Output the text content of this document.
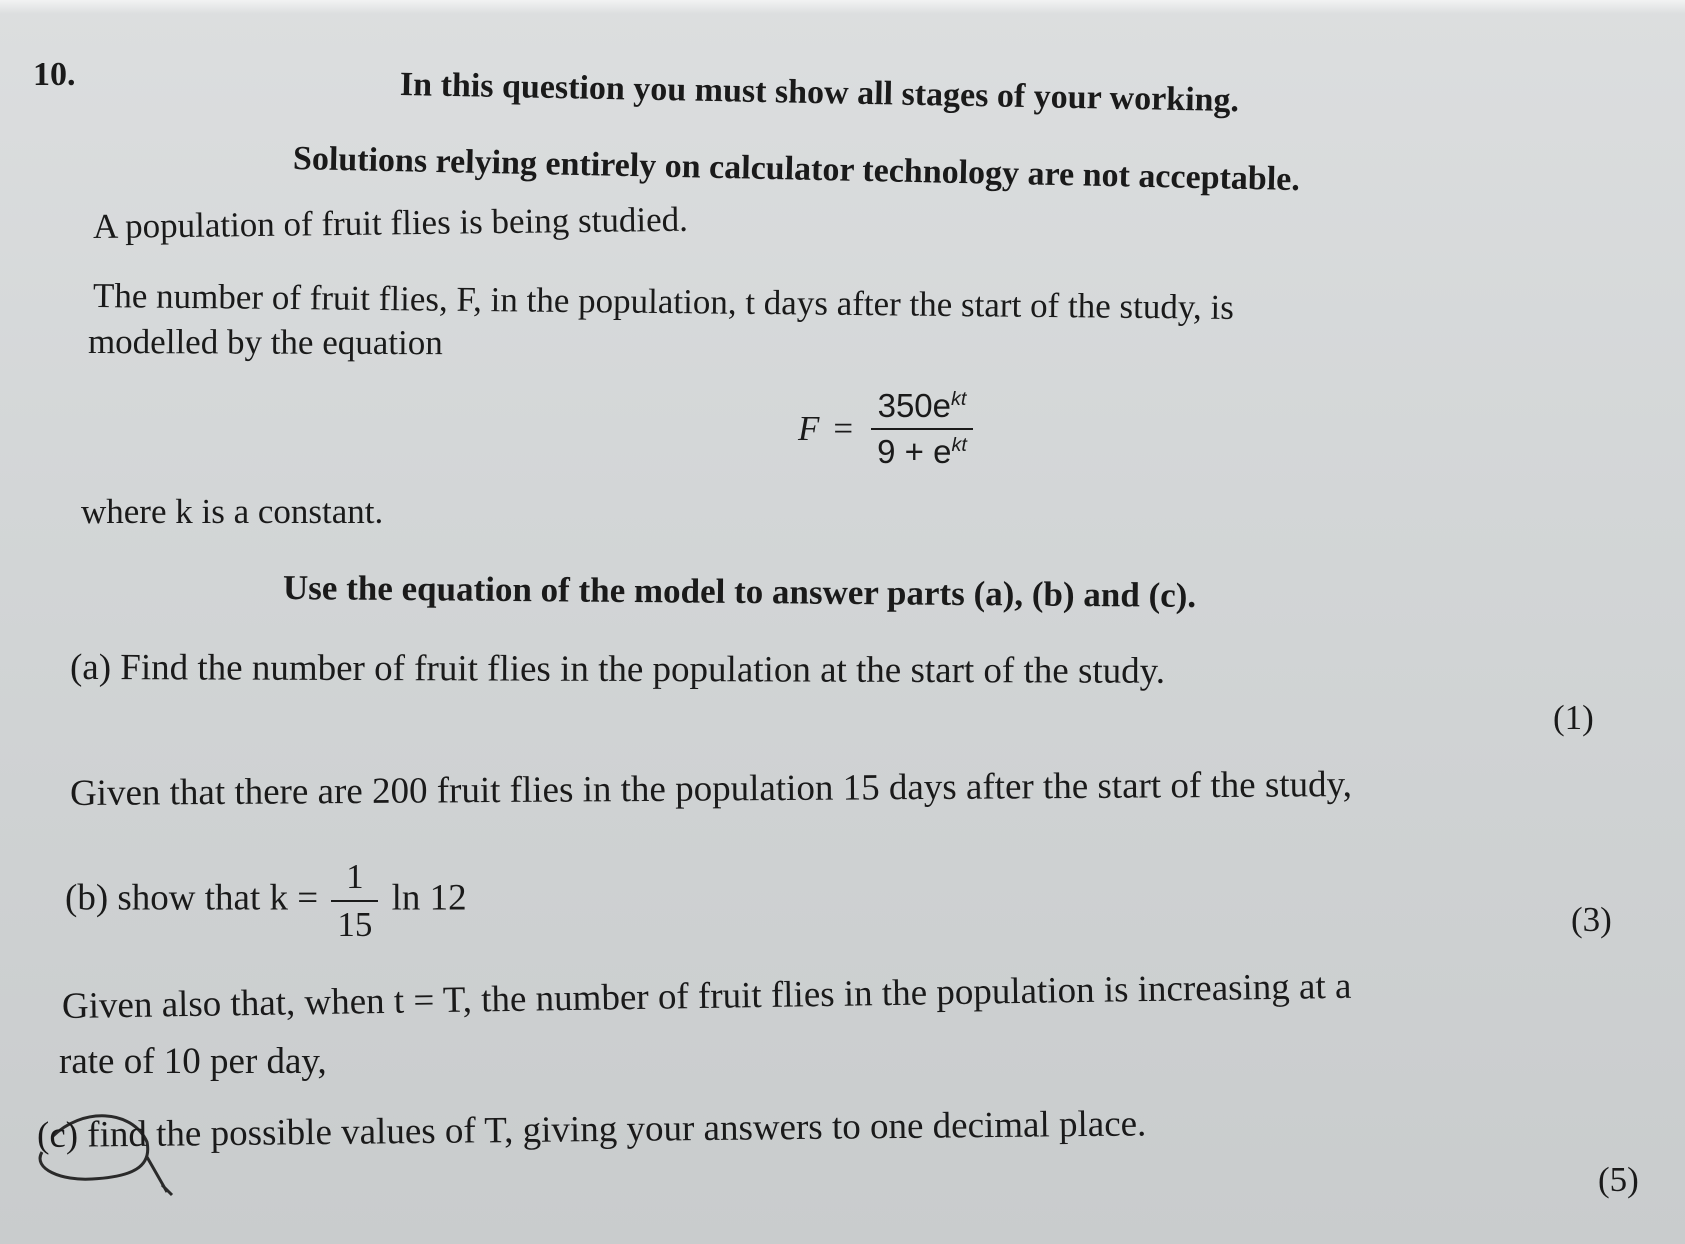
10.	In this question you must show all stages of your working.
Solutions relying entirely on calculator technology are not acceptable.
A population of fruit flies is being studied.
The number of fruit flies, F, in the population, t days after the start of the study, is
modelled by the equation
$F = \frac{350e^{kt}}{9 + e^{kt}}$
where k is a constant.
Use the equation of the model to answer parts (a), (b) and (c).
(a) Find the number of fruit flies in the population at the start of the study.
(1)
Given that there are 200 fruit flies in the population 15 days after the start of the study,
(b) show that $k = \frac{1}{15}$ ln 12
(3)
Given also that, when t = T, the number of fruit flies in the population is increasing at a
rate of 10 per day,
(c) find the possible values of T, giving your answers to one decimal place.
(5)
